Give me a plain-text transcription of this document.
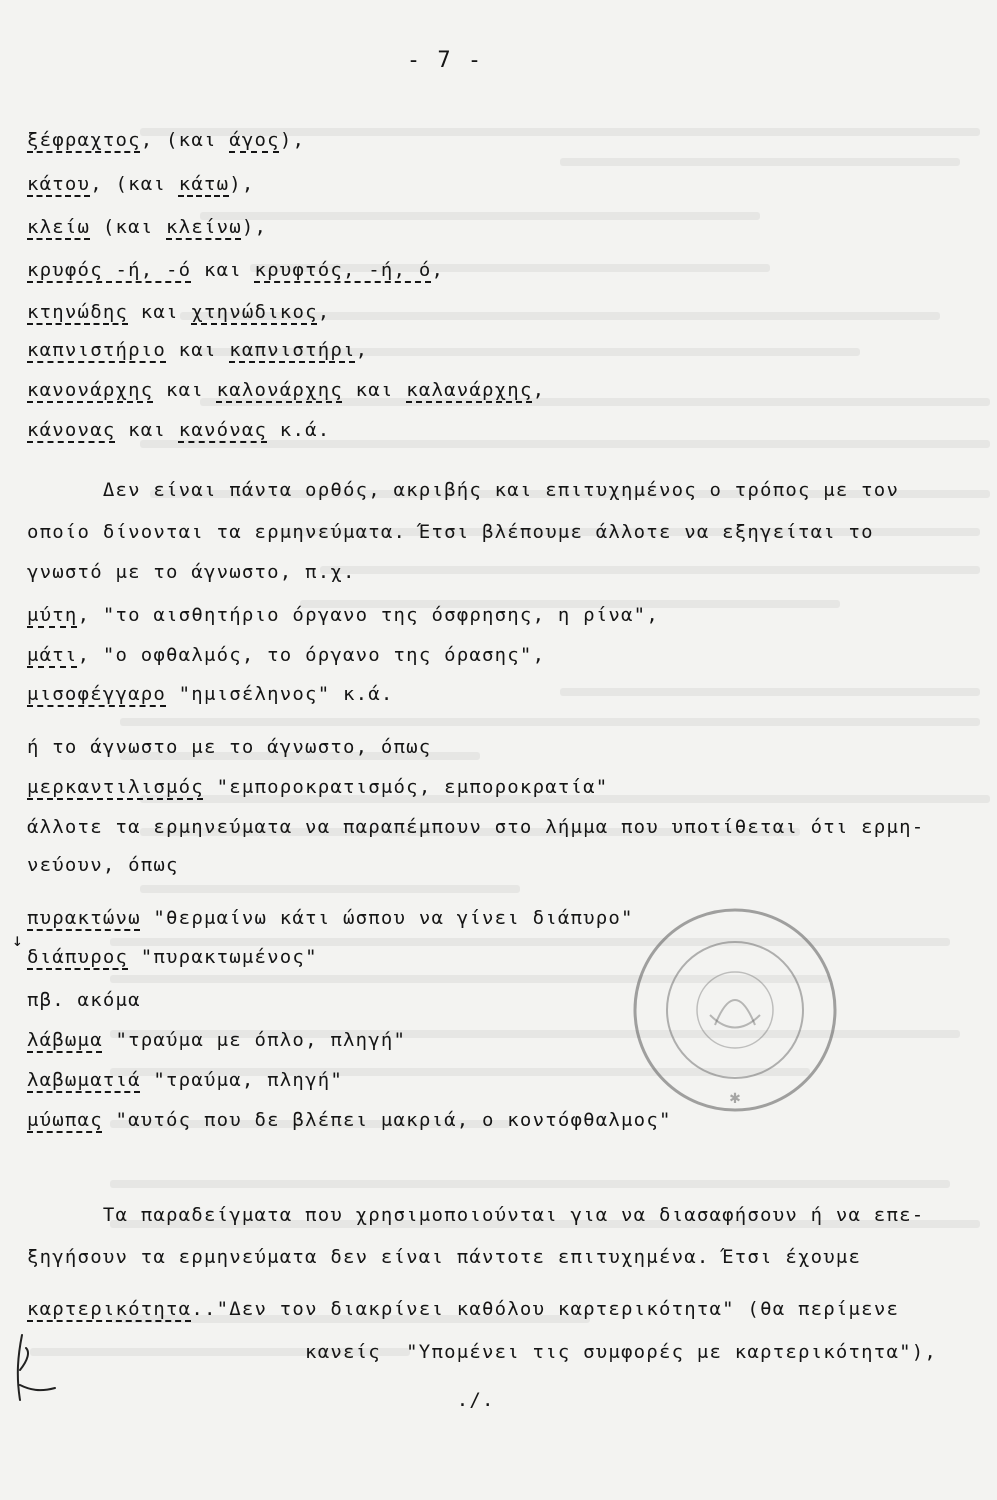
- 7 -
ξέφραχτος, (και άγος),
κάτου, (και κάτω),
κλείω (και κλείνω),
κρυφός -ή, -ό και κρυφτός, -ή, ό,
κτηνώδης και χτηνώδικος,
καπνιστήριο και καπνιστήρι,
κανονάρχης και καλονάρχης και καλανάρχης,
κάνονας και κανόνας κ.ά.
Δεν είναι πάντα ορθός, ακριβής και επιτυχημένος ο τρόπος με τον
οποίο δίνονται τα ερμηνεύματα. Έτσι βλέπουμε άλλοτε να εξηγείται το
γνωστό με το άγνωστο, π.χ.
μύτη, "το αισθητήριο όργανο της όσφρησης, η ρίνα",
μάτι, "ο οφθαλμός, το όργανο της όρασης",
μισοφέγγαρο "ημισέληνος" κ.ά.
ή το άγνωστο με το άγνωστο, όπως
μερκαντιλισμός "εμποροκρατισμός, εμποροκρατία"
άλλοτε τα ερμηνεύματα να παραπέμπουν στο λήμμα που υποτίθεται ότι ερμη-
νεύουν, όπως
πυρακτώνω "θερμαίνω κάτι ώσπου να γίνει διάπυρο"
διάπυρος "πυρακτωμένος"
πβ. ακόμα
λάβωμα "τραύμα με όπλο, πληγή"
λαβωματιά "τραύμα, πληγή"
μύωπας "αυτός που δε βλέπει μακριά, ο κοντόφθαλμος"
Τα παραδείγματα που χρησιμοποιούνται για να διασαφήσουν ή να επε-
ξηγήσουν τα ερμηνεύματα δεν είναι πάντοτε επιτυχημένα. Έτσι έχουμε
καρτερικότητα.."Δεν τον διακρίνει καθόλου καρτερικότητα" (θα περίμενε
κανείς  "Υπομένει τις συμφορές με καρτερικότητα"),
./.
↓
✱
